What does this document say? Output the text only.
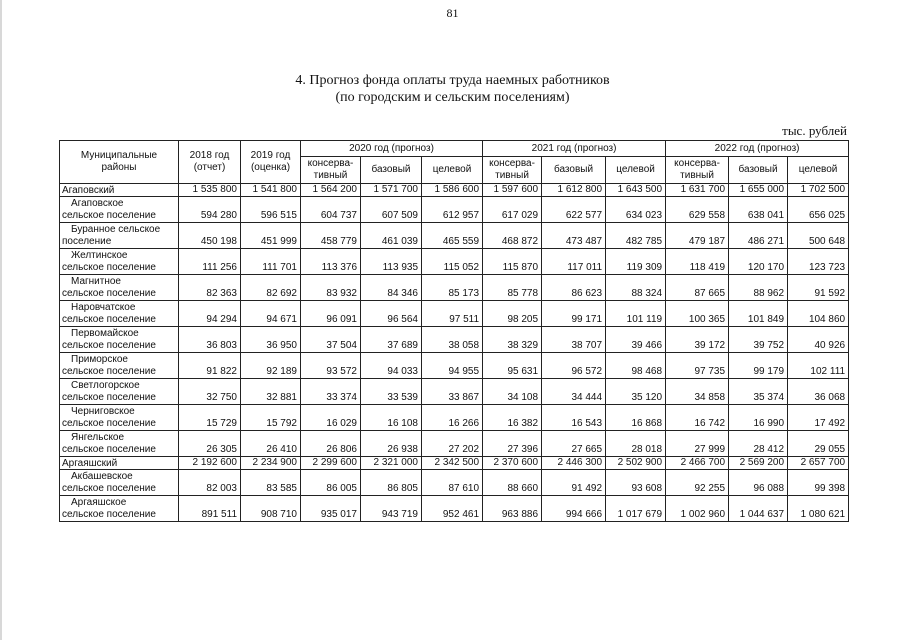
81
4. Прогноз фонда оплаты труда наемных работников
(по городским и сельским поселениям)
тыс. рублей
Муниципальные районы	2018 год (отчет)	2019 год (оценка)	2020 год (прогноз)			2021 год (прогноз)			2022 год (прогноз)		
			консерва-тивный	базовый	целевой	консерва-тивный	базовый	целевой	консерва-тивный	базовый	целевой
Агаповский	1 535 800	1 541 800	1 564 200	1 571 700	1 586 600	1 597 600	1 612 800	1 643 500	1 631 700	1 655 000	1 702 500

Агаповское
сельское поселение	594 280	596 515	604 737	607 509	612 957	617 029	622 577	634 023	629 558	638 041	656 025

Буранное сельское
поселение	450 198	451 999	458 779	461 039	465 559	468 872	473 487	482 785	479 187	486 271	500 648

Желтинское
сельское поселение	111 256	111 701	113 376	113 935	115 052	115 870	117 011	119 309	118 419	120 170	123 723

Магнитное
сельское поселение	82 363	82 692	83 932	84 346	85 173	85 778	86 623	88 324	87 665	88 962	91 592

Наровчатское
сельское поселение	94 294	94 671	96 091	96 564	97 511	98 205	99 171	101 119	100 365	101 849	104 860

Первомайское
сельское поселение	36 803	36 950	37 504	37 689	38 058	38 329	38 707	39 466	39 172	39 752	40 926

Приморское
сельское поселение	91 822	92 189	93 572	94 033	94 955	95 631	96 572	98 468	97 735	99 179	102 111

Светлогорское
сельское поселение	32 750	32 881	33 374	33 539	33 867	34 108	34 444	35 120	34 858	35 374	36 068

Черниговское
сельское поселение	15 729	15 792	16 029	16 108	16 266	16 382	16 543	16 868	16 742	16 990	17 492

Янгельское
сельское поселение	26 305	26 410	26 806	26 938	27 202	27 396	27 665	28 018	27 999	28 412	29 055
Аргаяшский	2 192 600	2 234 900	2 299 600	2 321 000	2 342 500	2 370 600	2 446 300	2 502 900	2 466 700	2 569 200	2 657 700

Акбашевское
сельское поселение	82 003	83 585	86 005	86 805	87 610	88 660	91 492	93 608	92 255	96 088	99 398

Аргаяшское
сельское поселение	891 511	908 710	935 017	943 719	952 461	963 886	994 666	1 017 679	1 002 960	1 044 637	1 080 621
